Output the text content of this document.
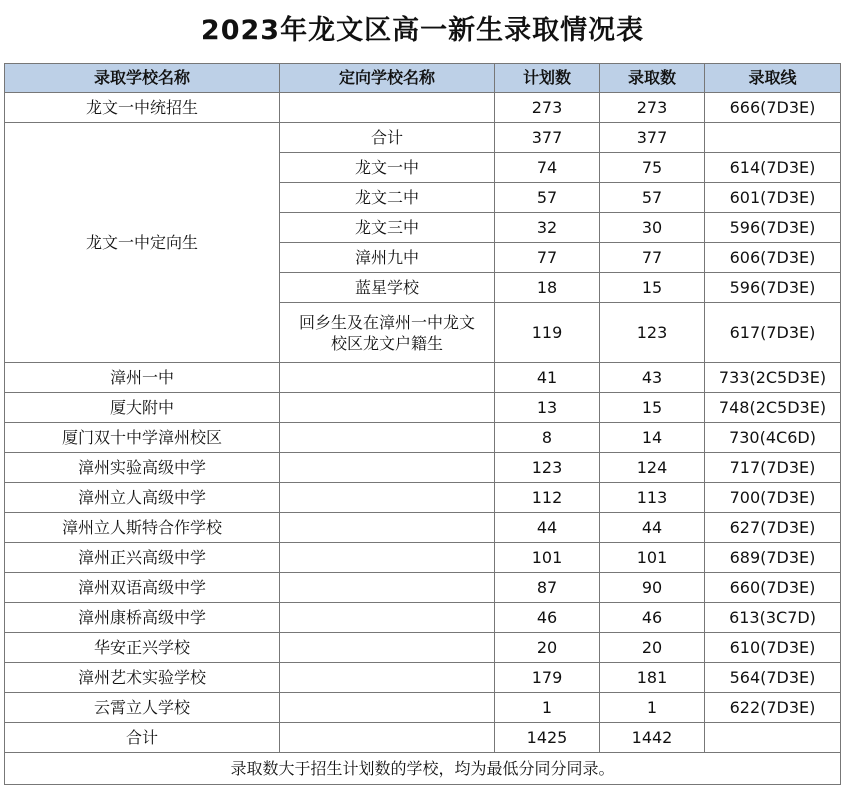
2023年龙文区高一新生录取情况表
录取学校名称	定向学校名称	计划数	录取数	录取线
龙文一中统招生		273	273	666(7D3E)
龙文一中定向生	合计	377	377	
	龙文一中	74	75	614(7D3E)
	龙文二中	57	57	601(7D3E)
	龙文三中	32	30	596(7D3E)
	漳州九中	77	77	606(7D3E)
	蓝星学校	18	15	596(7D3E)
	回乡生及在漳州一中龙文校区龙文户籍生	119	123	617(7D3E)
漳州一中		41	43	733(2C5D3E)
厦大附中		13	15	748(2C5D3E)
厦门双十中学漳州校区		8	14	730(4C6D)
漳州实验高级中学		123	124	717(7D3E)
漳州立人高级中学		112	113	700(7D3E)
漳州立人斯特合作学校		44	44	627(7D3E)
漳州正兴高级中学		101	101	689(7D3E)
漳州双语高级中学		87	90	660(7D3E)
漳州康桥高级中学		46	46	613(3C7D)
华安正兴学校		20	20	610(7D3E)
漳州艺术实验学校		179	181	564(7D3E)
云霄立人学校		1	1	622(7D3E)
合计		1425	1442	
录取数大于招生计划数的学校，均为最低分同分同录。				
